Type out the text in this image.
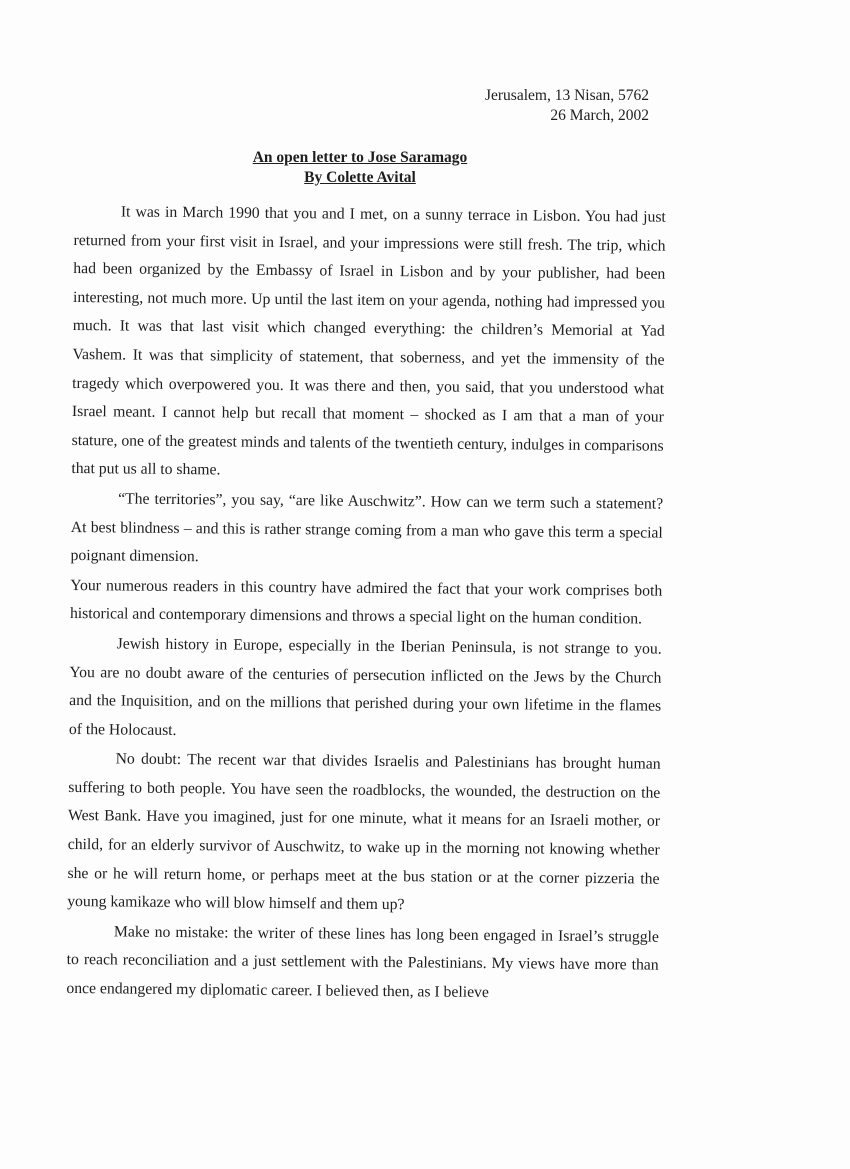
Jerusalem, 13 Nisan, 5762
26 March, 2002
An open letter to Jose Saramago
By Colette Avital

It was in March 1990 that you and I met, on a sunny terrace in Lisbon. You had just returned from your first visit in Israel, and your impressions were still fresh. The trip, which had been organized by the Embassy of Israel in Lisbon and by your publisher, had been interesting, not much more. Up until the last item on your agenda, nothing had impressed you much. It was that last visit which changed everything: the children’s Memorial at Yad Vashem. It was that simplicity of statement, that soberness, and yet the immensity of the tragedy which overpowered you. It was there and then, you said, that you understood what Israel meant. I cannot help but recall that moment – shocked as I am that a man of your stature, one of the greatest minds and talents of the twentieth century, indulges in comparisons that put us all to shame.

“The territories”, you say, “are like Auschwitz”. How can we term such a statement? At best blindness – and this is rather strange coming from a man who gave this term a special poignant dimension.

Your numerous readers in this country have admired the fact that your work comprises both historical and contemporary dimensions and throws a special light on the human condition.

Jewish history in Europe, especially in the Iberian Peninsula, is not strange to you. You are no doubt aware of the centuries of persecution inflicted on the Jews by the Church and the Inquisition, and on the millions that perished during your own lifetime in the flames of the Holocaust.

No doubt: The recent war that divides Israelis and Palestinians has brought human suffering to both people. You have seen the roadblocks, the wounded, the destruction on the West Bank. Have you imagined, just for one minute, what it means for an Israeli mother, or child, for an elderly survivor of Auschwitz, to wake up in the morning not knowing whether she or he will return home, or perhaps meet at the bus station or at the corner pizzeria the young kamikaze who will blow himself and them up?

Make no mistake: the writer of these lines has long been engaged in Israel’s struggle to reach reconciliation and a just settlement with the Palestinians. My views have more than once endangered my diplomatic career. I believed then, as I believe
